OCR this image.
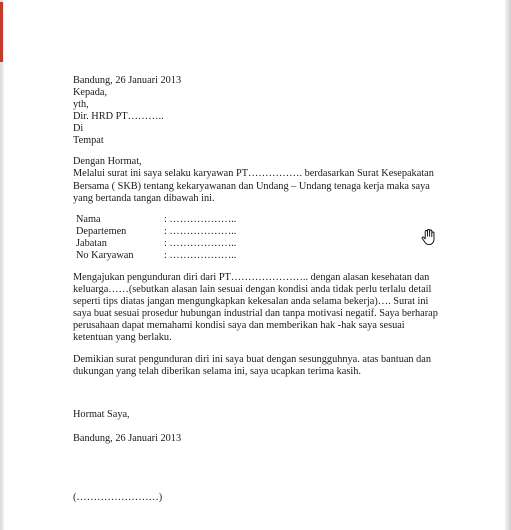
Bandung, 26 Januari 2013
Kepada,
yth,
Dir. HRD PT………..
Di
Tempat
Dengan Hormat,
Melalui surat ini saya selaku karyawan PT……………. berdasarkan Surat Kesepakatan
Bersama ( SKB) tentang kekaryawanan dan Undang – Undang tenaga kerja maka saya
yang bertanda tangan dibawah ini.
Nama	: ………………..
Departemen	: ………………..
Jabatan	: ………………..
No Karyawan	: ………………..
Mengajukan pengunduran diri dari PT………………….. dengan alasan kesehatan dan
keluarga……(sebutkan alasan lain sesuai dengan kondisi anda tidak perlu terlalu detail
seperti tips diatas jangan mengungkapkan kekesalan anda selama bekerja)…. Surat ini
saya buat sesuai prosedur hubungan industrial dan tanpa motivasi negatif. Saya berharap
perusahaan dapat memahami kondisi saya dan memberikan hak -hak saya sesuai
ketentuan yang berlaku.
Demikian surat pengunduran diri ini saya buat dengan sesungguhnya. atas bantuan dan
dukungan yang telah diberikan selama ini, saya ucapkan terima kasih.
Hormat Saya,
Bandung, 26 Januari 2013
(……………………)
